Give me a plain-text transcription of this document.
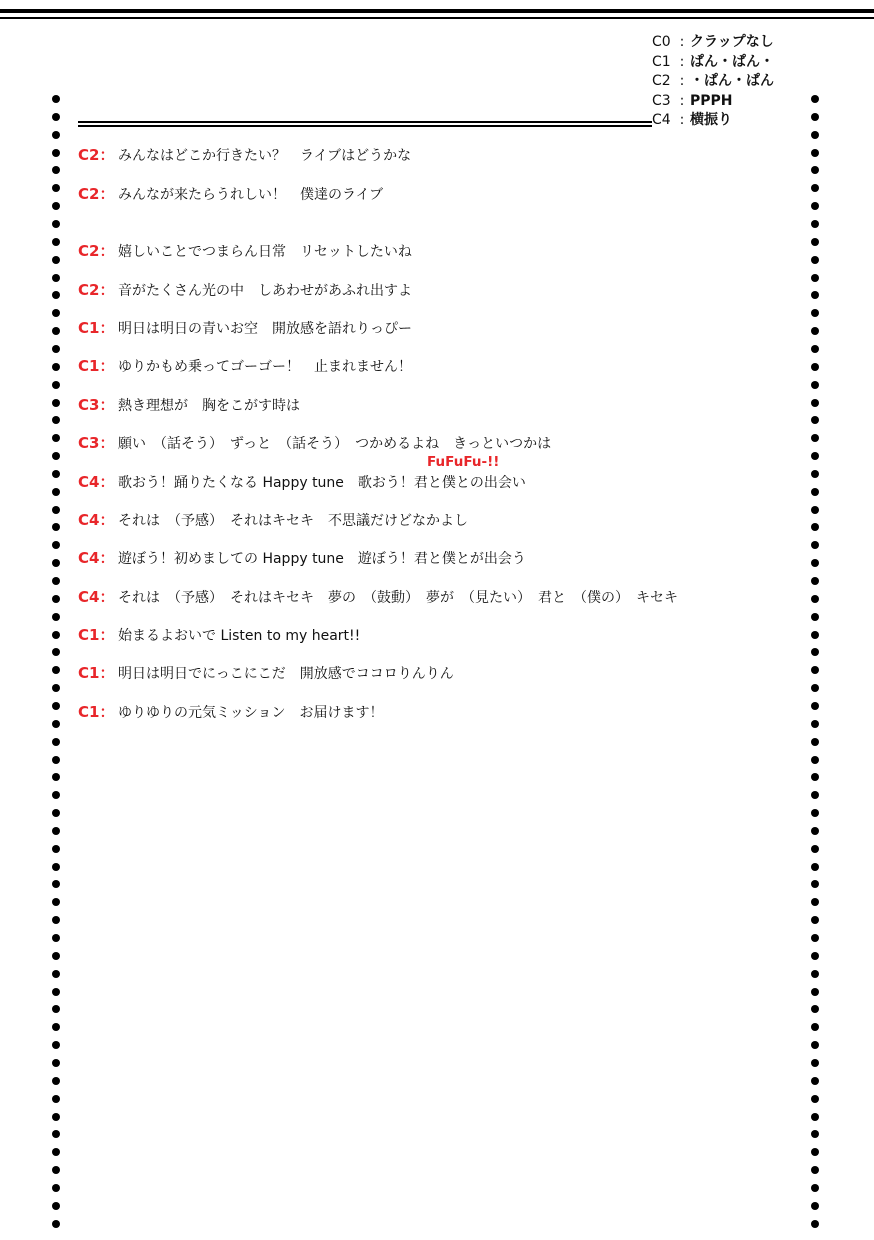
C0 : クラップなし
C1 : ぱん・ぱん・
C2 : ・ぱん・ぱん
C3 : PPPH
C4 : 横振り
C2： みんなはどこか行きたい？　ライブはどうかな
C2： みんなが来たらうれしい！　僕達のライブ
C2： 嬉しいことでつまらん日常　リセットしたいね
C2： 音がたくさん光の中　しあわせがあふれ出すよ
C1： 明日は明日の青いお空　開放感を語れりっぴー
C1： ゆりかもめ乗ってゴーゴー！　止まれません！
C3： 熱き理想が　胸をこがす時は
C3： 願い　（話そう）　ずっと　（話そう）　つかめるよね　きっといつかは
C4： 歌おう！踊りたくなる Happy tune　歌おう！君と僕との出会い
C4： それは　（予感）　それはキセキ　不思議だけどなかよし
C4： 遊ぼう！初めましての Happy tune　遊ぼう！君と僕とが出会う
C4： それは　（予感）　それはキセキ　夢の　（鼓動）　夢が　（見たい）　君と　（僕の）　キセキ
C1： 始まるよおいで Listen to my heart!!
C1： 明日は明日でにっこにこだ　開放感でココロりんりん
C1： ゆりゆりの元気ミッション　お届けます！
FuFuFu-!!
